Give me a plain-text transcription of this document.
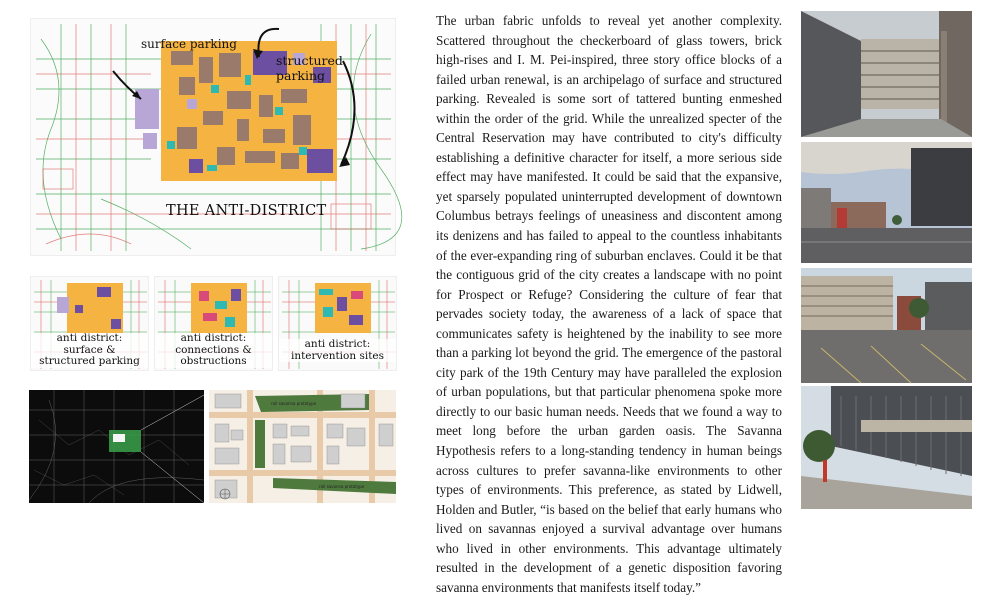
surface parking
structured
parking
THE ANTI-DISTRICT
anti district:
surface &
structured parking
anti district:
connections &
obstructions
anti district:
intervention sites
rail savanna prototype
rail savanna prototype
The urban fabric unfolds to reveal yet another complexity. Scattered throughout the checkerboard of glass towers, brick high-rises and I. M. Pei-inspired, three story office blocks of a failed urban renewal, is an archipelago of surface and structured parking. Revealed is some sort of tattered bunting enmeshed within the order of the grid. While the unrealized specter of the Central Reservation may have contributed to city's difficulty establishing a definitive character for itself, a more serious side effect may have manifested. It could be said that the expansive, yet sparsely populated uninterrupted development of downtown Columbus betrays feelings of uneasiness and discontent among its denizens and has failed to appeal to the countless inhabitants of the ever-expanding ring of suburban enclaves. Could it be that the contiguous grid of the city creates a landscape with no point for Prospect or Refuge? Considering the culture of fear that pervades society today, the awareness of a lack of space that communicates safety is heightened by the inability to see more than a parking lot beyond the grid. The emergence of the pastoral city park of the 19th Century may have paralleled the explosion of urban populations, but that particular phenomena spoke more directly to our basic human needs. Needs that we found a way to meet long before the urban garden oasis. The Savanna Hypothesis refers to a long-standing tendency in human beings across cultures to prefer savanna-like environments to other types of environments. This preference, as stated by Lidwell, Holden and Butler, “is based on the belief that early humans who lived on savannas enjoyed a survival advantage over humans who lived in other environments. This advantage ultimately resulted in the development of a genetic disposition favoring savanna environments that manifests itself today.”
